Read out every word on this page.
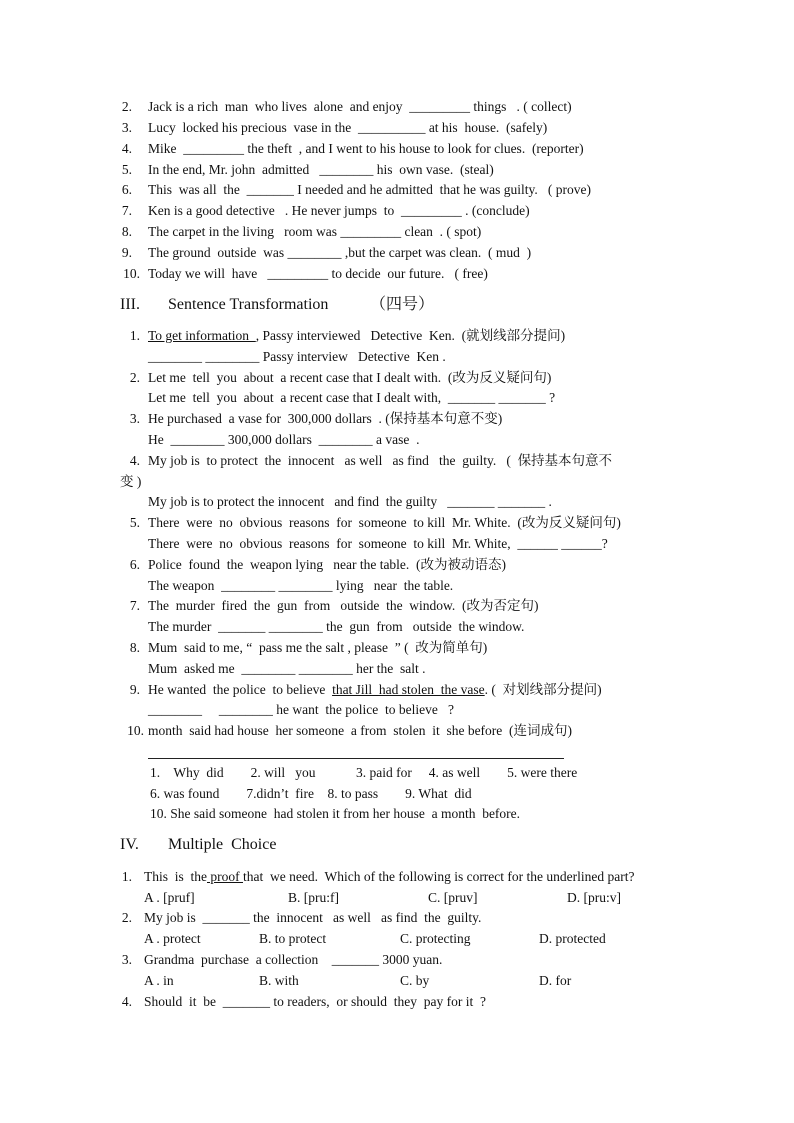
2. Jack is a rich  man  who lives  alone  and enjoy  _________ things   . ( collect)
3. Lucy  locked his precious  vase in the  __________ at his  house.  (safely)
4. Mike  _________ the theft  , and I went to his house to look for clues.  (reporter)
5. In the end, Mr. john  admitted   ________ his  own vase.  (steal)
6. This  was all  the  _______ I needed and he admitted  that he was guilty.   ( prove)
7. Ken is a good detective   . He never jumps  to  _________ . (conclude)
8. The carpet in the living   room was _________ clean  . ( spot)
9. The ground  outside  was ________ ,but the carpet was clean.  ( mud  )
10. Today we will  have   _________ to decide  our future.   ( free)
III. Sentence Transformation	（四号）
1. To get information  , Passy interviewed   Detective  Ken.  (就划线部分提问)
________ ________ Passy interview   Detective  Ken .
2. Let me  tell  you  about  a recent case that I dealt with.  (改为反义疑问句)
Let me  tell  you  about  a recent case that I dealt with,  _______ _______ ?
3. He purchased  a vase for  300,000 dollars  . (保持基本句意不变)
He  ________ 300,000 dollars  ________ a vase  .
4. My job is  to protect  the  innocent   as well   as find   the  guilty.   (  保持基本句意不
变 )
My job is to protect the innocent   and find  the guilty   _______ _______ .
5. There  were  no  obvious  reasons  for  someone  to kill  Mr. White.  (改为反义疑问句)
There  were  no  obvious  reasons  for  someone  to kill  Mr. White,  ______ ______?
6. Police  found  the  weapon lying   near the table.  (改为被动语态)
The weapon  ________ ________ lying   near  the table.
7. The  murder  fired  the  gun  from   outside  the  window.  (改为否定句)
The murder  _______ ________ the  gun  from   outside  the window.
8. Mum  said to me, “  pass me the salt , please  ” (  改为简单句)
Mum  asked me  ________ ________ her the  salt .
9. He wanted  the police  to believe  that Jill  had stolen  the vase. (  对划线部分提问)
________     ________ he want  the police  to believe   ?
10. month  said had house  her someone  a from  stolen  it  she before  (连词成句)
1.    Why  did        2. will   you            3. paid for     4. as well        5. were there
6. was found        7.didn’t  fire    8. to pass        9. What  did
10. She said someone  had stolen it from her house  a month  before.
IV. Multiple  Choice
1. This  is  the proof that  we need.  Which of the following is correct for the underlined part?
A . [pruf]	B. [pru:f]	C. [pruv]	D. [pru:v]
2. My job is  _______ the  innocent   as well   as find  the  guilty.
A . protect	B. to protect	C. protecting	D. protected
3. Grandma  purchase  a collection    _______ 3000 yuan.
A . in	B. with	C. by	D. for
4. Should  it  be  _______ to readers,  or should  they  pay for it  ?
